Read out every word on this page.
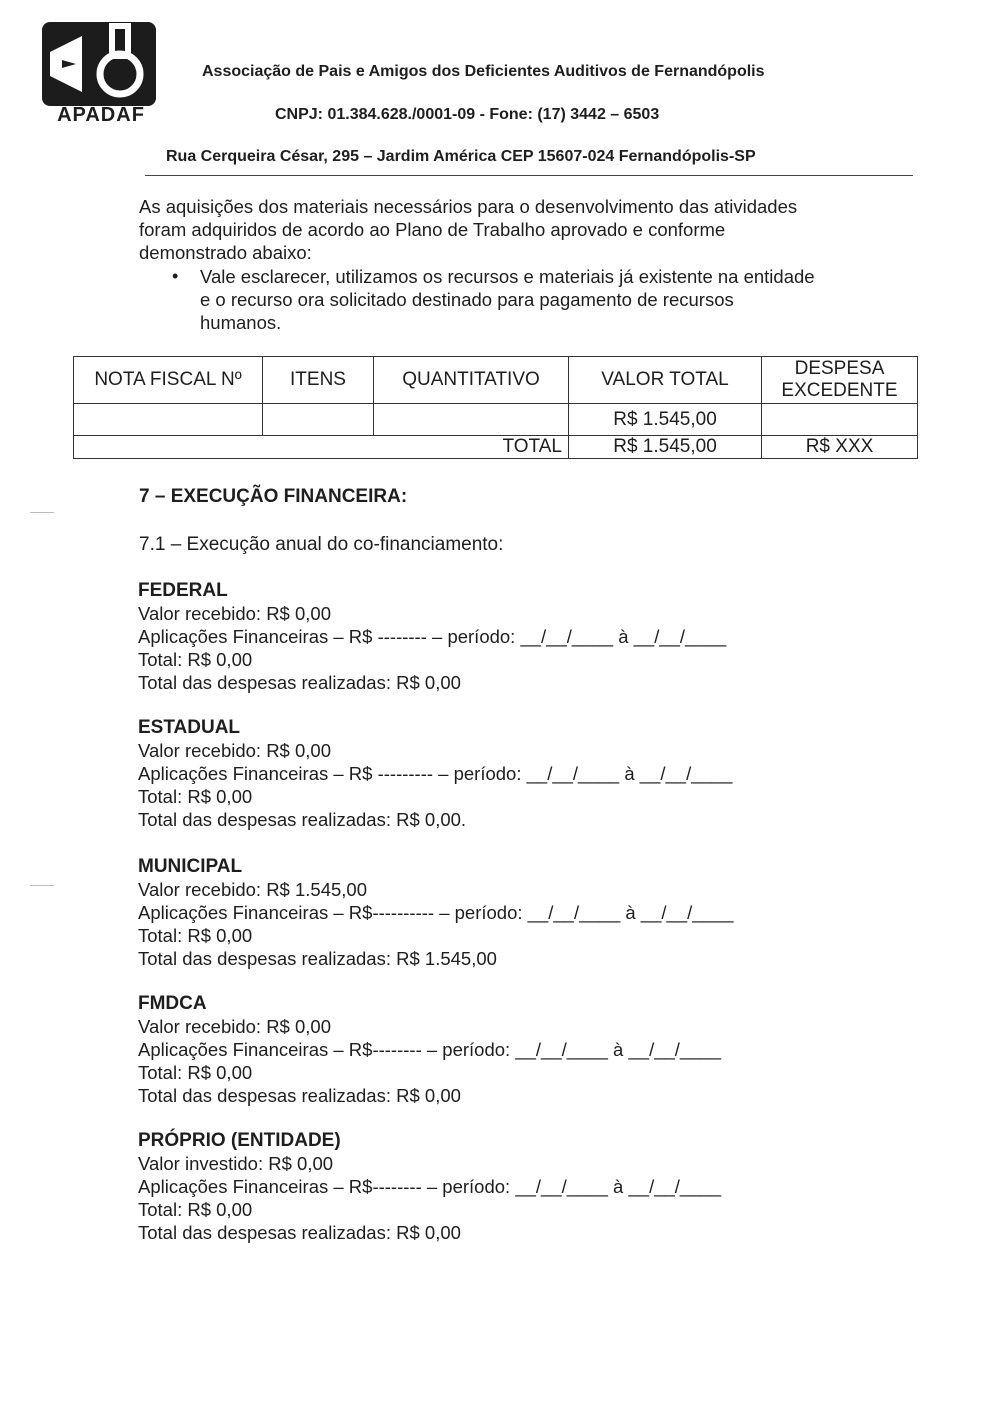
APADAF
Associação de Pais e Amigos dos Deficientes Auditivos de Fernandópolis
CNPJ: 01.384.628./0001-09 - Fone: (17) 3442 – 6503
Rua Cerqueira César, 295 – Jardim América CEP 15607-024 Fernandópolis-SP
As aquisições dos materiais necessários para o desenvolvimento das atividades foram adquiridos de acordo ao Plano de Trabalho aprovado e conforme demonstrado abaixo:
• Vale esclarecer, utilizamos os recursos e materiais já existente na entidade e o recurso ora solicitado destinado para pagamento de recursos humanos.
NOTA FISCAL Nº	ITENS	QUANTITATIVO	VALOR TOTAL	DESPESA EXCEDENTE
			R$ 1.545,00	
TOTAL			R$ 1.545,00	R$ XXX
7 – EXECUÇÃO FINANCEIRA:
7.1 – Execução anual do co-financiamento:
FEDERAL
Valor recebido: R$ 0,00
Aplicações Financeiras – R$ -------- – período: __/__/____ à __/__/____
Total: R$ 0,00
Total das despesas realizadas: R$ 0,00
ESTADUAL
Valor recebido: R$ 0,00
Aplicações Financeiras – R$ --------- – período: __/__/____ à __/__/____
Total: R$ 0,00
Total das despesas realizadas: R$ 0,00.
MUNICIPAL
Valor recebido: R$ 1.545,00
Aplicações Financeiras – R$---------- – período: __/__/____ à __/__/____
Total: R$ 0,00
Total das despesas realizadas: R$ 1.545,00
FMDCA
Valor recebido: R$ 0,00
Aplicações Financeiras – R$-------- – período: __/__/____ à __/__/____
Total: R$ 0,00
Total das despesas realizadas: R$ 0,00
PRÓPRIO (ENTIDADE)
Valor investido: R$ 0,00
Aplicações Financeiras – R$-------- – período: __/__/____ à __/__/____
Total: R$ 0,00
Total das despesas realizadas: R$ 0,00
